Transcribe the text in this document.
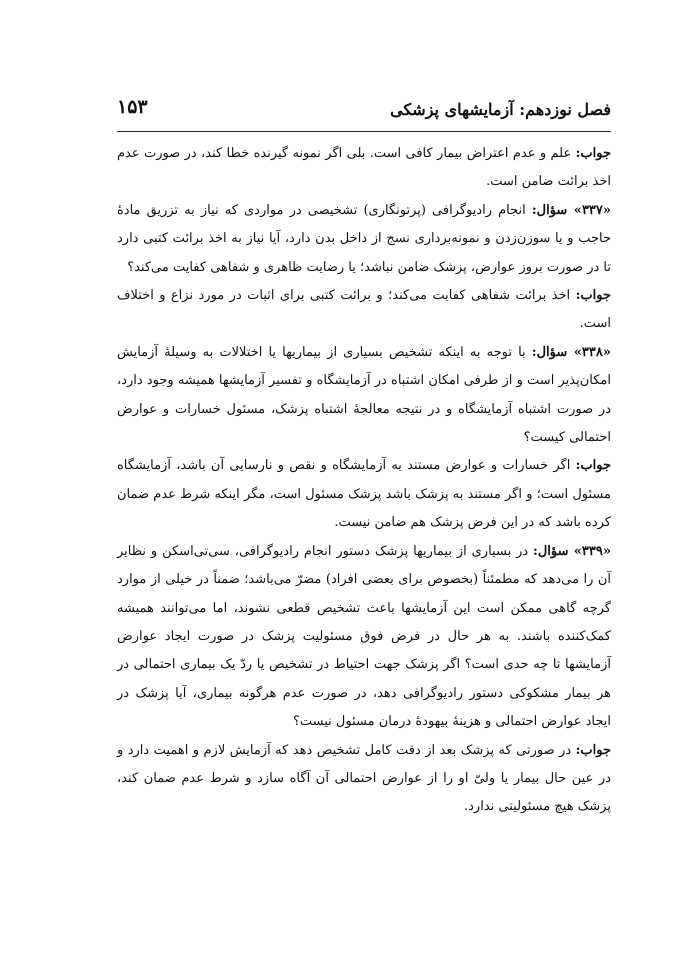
فصل نوزدهم: آزمایشهای پزشکی
۱۵۳

جواب: علم و عدم اعتراض بیمار کافی است. بلی اگر نمونه گیرنده خطا کند، در صورت عدم اخذ برائت ضامن است.

«۳۳۷» سؤال: انجام رادیوگرافی (پرتونگاری) تشخیصی در مواردی که نیاز به تزریق مادهٔ حاجب و یا سوزن‌زدن و نمونه‌برداری نسج از داخل بدن دارد، آیا نیاز به اخذ برائت کتبی دارد تا در صورت بروز عوارض، پزشک ضامن نباشد؛ یا رضایت ظاهری و شفاهی کفایت می‌کند؟

جواب: اخذ برائت شفاهی کفایت می‌کند؛ و برائت کتبی برای اثبات در مورد نزاع و اختلاف است.

«۳۳۸» سؤال: با توجه به اینکه تشخیص بسیاری از بیماریها یا اختلالات به وسیلهٔ آزمایش امکان‌پذیر است و از طرفی امکان اشتباه در آزمایشگاه و تفسیر آزمایشها همیشه وجود دارد، در صورت اشتباه آزمایشگاه و در نتیجه معالجهٔ اشتباه پزشک، مسئول خسارات و عوارض احتمالی کیست؟

جواب: اگر خسارات و عوارض مستند به آزمایشگاه و نقص و نارسایی آن باشد، آزمایشگاه مسئول است؛ و اگر مستند به پزشک باشد پزشک مسئول است، مگر اینکه شرط عدم ضمان کرده باشد که در این فرض پزشک هم ضامن نیست.

«۳۳۹» سؤال: در بسیاری از بیماریها پزشک دستور انجام رادیوگرافی، سی‌تی‌اسکن و نظایر آن را می‌دهد که مطمئناً (بخصوص برای بعضی افراد) مضرّ می‌باشد؛ ضمناً در خیلی از موارد گرچه گاهی ممکن است این آزمایشها باعث تشخیص قطعی نشوند، اما می‌توانند همیشه کمک‌کننده باشند. به هر حال در فرض فوق مسئولیت پزشک در صورت ایجاد عوارض آزمایشها تا چه حدی است؟ اگر پزشک جهت احتیاط در تشخیص یا ردّ یک بیماری احتمالی در هر بیمار مشکوکی دستور رادیوگرافی دهد، در صورت عدم هرگونه بیماری، آیا پزشک در ایجاد عوارض احتمالی و هزینهٔ بیهودهٔ درمان مسئول نیست؟

جواب: در صورتی که پزشک بعد از دقت کامل تشخیص دهد که آزمایش لازم و اهمیت دارد و در عین حال بیمار یا ولیّ او را از عوارض احتمالی آن آگاه سازد و شرط عدم ضمان کند، پزشک هیچ مسئولیتی ندارد.
